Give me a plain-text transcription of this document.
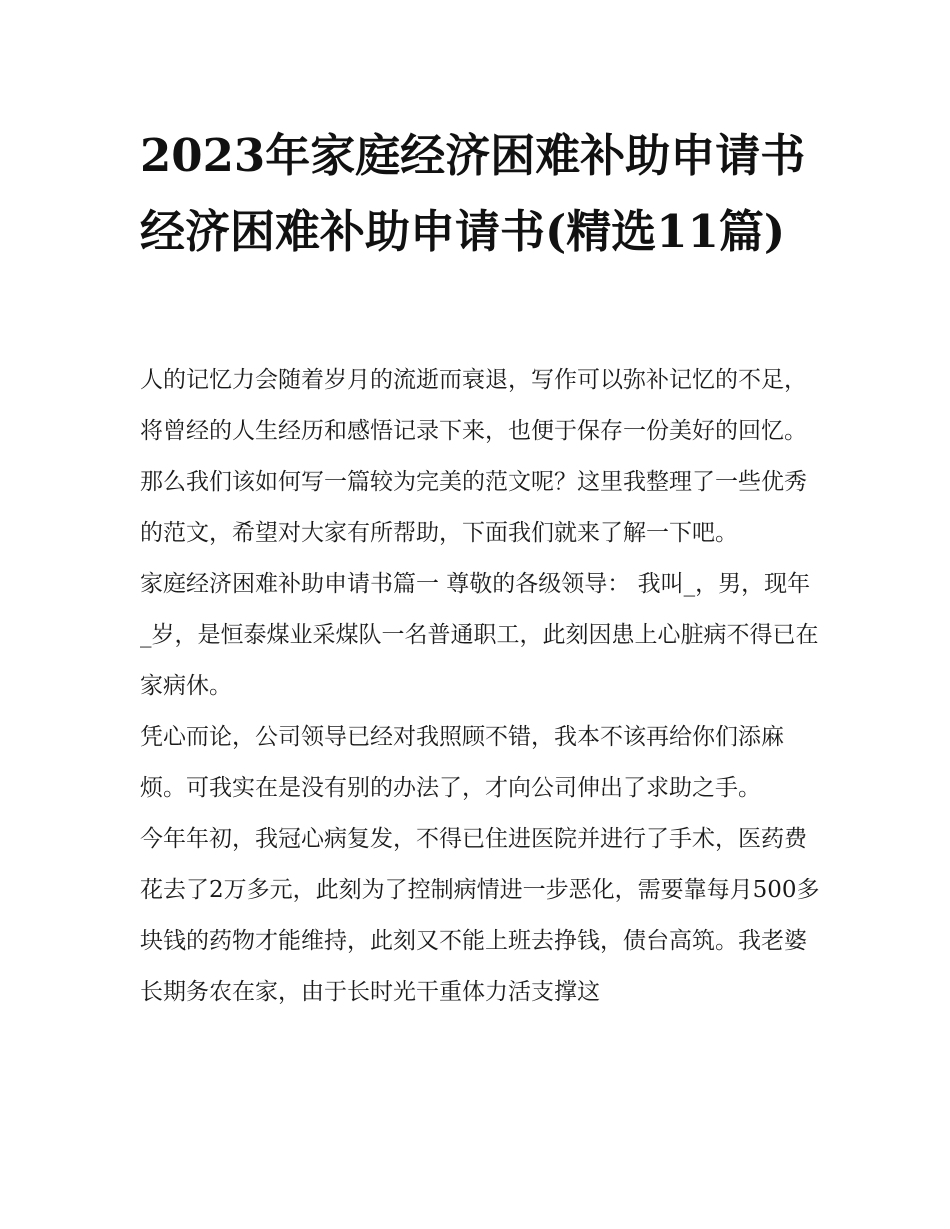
2023年家庭经济困难补助申请书 经济困难补助申请书(精选11篇)

人的记忆力会随着岁月的流逝而衰退，写作可以弥补记忆的不足，将曾经的人生经历和感悟记录下来，也便于保存一份美好的回忆。那么我们该如何写一篇较为完美的范文呢？这里我整理了一些优秀的范文，希望对大家有所帮助，下面我们就来了解一下吧。

家庭经济困难补助申请书篇一 尊敬的各级领导： 我叫_，男，现年_岁，是恒泰煤业采煤队一名普通职工，此刻因患上心脏病不得已在家病休。

凭心而论，公司领导已经对我照顾不错，我本不该再给你们添麻烦。可我实在是没有别的办法了，才向公司伸出了求助之手。

今年年初，我冠心病复发，不得已住进医院并进行了手术，医药费花去了2万多元，此刻为了控制病情进一步恶化，需要靠每月500多块钱的药物才能维持，此刻又不能上班去挣钱，债台高筑。我老婆长期务农在家，由于长时光干重体力活支撑这
